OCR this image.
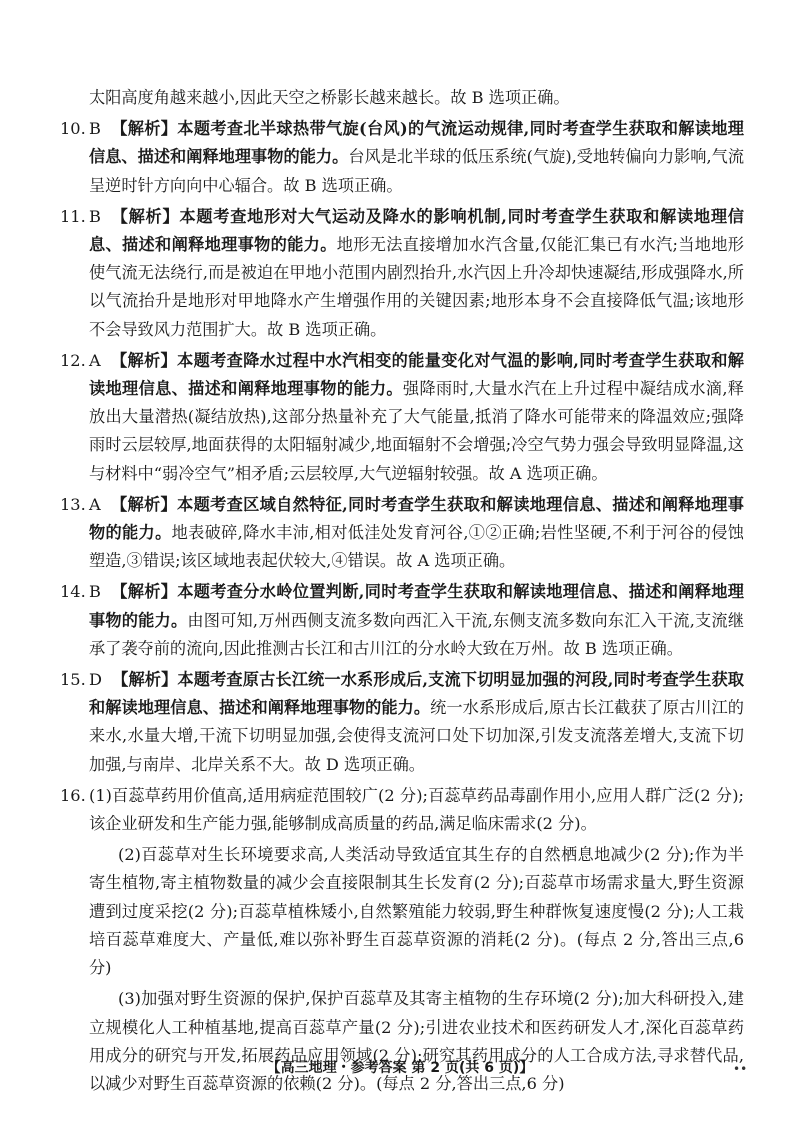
太阳高度角越来越小,因此天空之桥影长越来越长。故 B 选项正确。

10. B 【解析】本题考查北半球热带气旋(台风)的气流运动规律,同时考查学生获取和解读地理信息、描述和阐释地理事物的能力。台风是北半球的低压系统(气旋),受地转偏向力影响,气流呈逆时针方向向中心辐合。故 B 选项正确。
11. B 【解析】本题考查地形对大气运动及降水的影响机制,同时考查学生获取和解读地理信息、描述和阐释地理事物的能力。地形无法直接增加水汽含量,仅能汇集已有水汽;当地地形使气流无法绕行,而是被迫在甲地小范围内剧烈抬升,水汽因上升冷却快速凝结,形成强降水,所以气流抬升是地形对甲地降水产生增强作用的关键因素;地形本身不会直接降低气温;该地形不会导致风力范围扩大。故 B 选项正确。
12. A 【解析】本题考查降水过程中水汽相变的能量变化对气温的影响,同时考查学生获取和解读地理信息、描述和阐释地理事物的能力。强降雨时,大量水汽在上升过程中凝结成水滴,释放出大量潜热(凝结放热),这部分热量补充了大气能量,抵消了降水可能带来的降温效应;强降雨时云层较厚,地面获得的太阳辐射减少,地面辐射不会增强;冷空气势力强会导致明显降温,这与材料中“弱冷空气”相矛盾;云层较厚,大气逆辐射较强。故 A 选项正确。
13. A 【解析】本题考查区域自然特征,同时考查学生获取和解读地理信息、描述和阐释地理事物的能力。地表破碎,降水丰沛,相对低洼处发育河谷,①②正确;岩性坚硬,不利于河谷的侵蚀塑造,③错误;该区域地表起伏较大,④错误。故 A 选项正确。
14. B 【解析】本题考查分水岭位置判断,同时考查学生获取和解读地理信息、描述和阐释地理事物的能力。由图可知,万州西侧支流多数向西汇入干流,东侧支流多数向东汇入干流,支流继承了袭夺前的流向,因此推测古长江和古川江的分水岭大致在万州。故 B 选项正确。
15. D 【解析】本题考查原古长江统一水系形成后,支流下切明显加强的河段,同时考查学生获取和解读地理信息、描述和阐释地理事物的能力。统一水系形成后,原古长江截获了原古川江的来水,水量大增,干流下切明显加强,会使得支流河口处下切加深,引发支流落差增大,支流下切加强,与南岸、北岸关系不大。故 D 选项正确。
16. (1)百蕊草药用价值高,适用病症范围较广(2 分);百蕊草药品毒副作用小,应用人群广泛(2 分);该企业研发和生产能力强,能够制成高质量的药品,满足临床需求(2 分)。

(2)百蕊草对生长环境要求高,人类活动导致适宜其生存的自然栖息地减少(2 分);作为半寄生植物,寄主植物数量的减少会直接限制其生长发育(2 分);百蕊草市场需求量大,野生资源遭到过度采挖(2 分);百蕊草植株矮小,自然繁殖能力较弱,野生种群恢复速度慢(2 分);人工栽培百蕊草难度大、产量低,难以弥补野生百蕊草资源的消耗(2 分)。(每点 2 分,答出三点,6 分)

(3)加强对野生资源的保护,保护百蕊草及其寄主植物的生存环境(2 分);加大科研投入,建立规模化人工种植基地,提高百蕊草产量(2 分);引进农业技术和医药研发人才,深化百蕊草药用成分的研究与开发,拓展药品应用领域(2 分);研究其药用成分的人工合成方法,寻求替代品,以减少对野生百蕊草资源的依赖(2 分)。(每点 2 分,答出三点,6 分)

【高三地理・参考答案 第 2 页(共 6 页)】	••
